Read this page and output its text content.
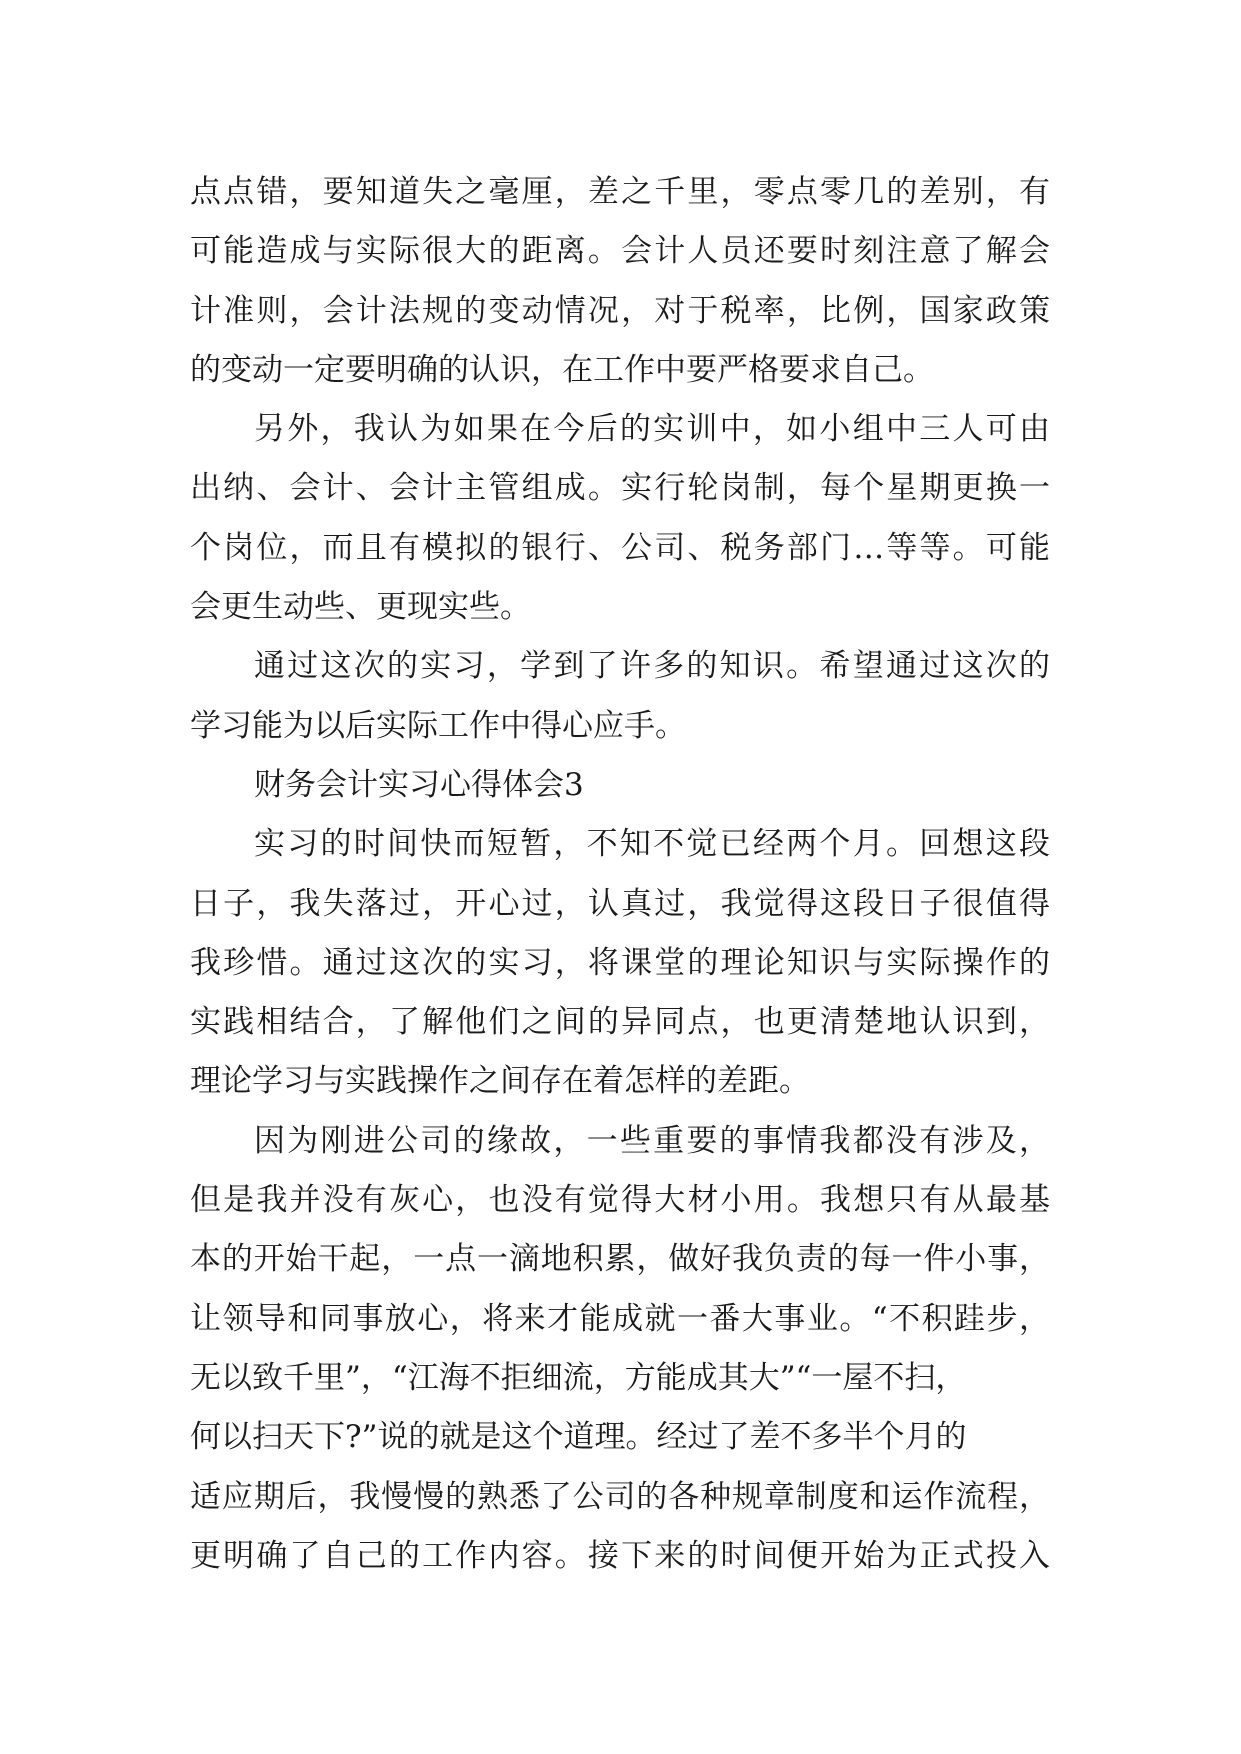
点点错，要知道失之毫厘，差之千里，零点零几的差别，有
可能造成与实际很大的距离。会计人员还要时刻注意了解会
计准则，会计法规的变动情况，对于税率，比例，国家政策
的变动一定要明确的认识，在工作中要严格要求自己。
另外，我认为如果在今后的实训中，如小组中三人可由
出纳、会计、会计主管组成。实行轮岗制，每个星期更换一
个岗位，而且有模拟的银行、公司、税务部门…等等。可能
会更生动些、更现实些。
通过这次的实习，学到了许多的知识。希望通过这次的
学习能为以后实际工作中得心应手。
财务会计实习心得体会3
实习的时间快而短暂，不知不觉已经两个月。回想这段
日子，我失落过，开心过，认真过，我觉得这段日子很值得
我珍惜。通过这次的实习，将课堂的理论知识与实际操作的
实践相结合，了解他们之间的异同点，也更清楚地认识到，
理论学习与实践操作之间存在着怎样的差距。
因为刚进公司的缘故，一些重要的事情我都没有涉及，
但是我并没有灰心，也没有觉得大材小用。我想只有从最基
本的开始干起，一点一滴地积累，做好我负责的每一件小事，
让领导和同事放心，将来才能成就一番大事业。“不积跬步，
无以致千里”，“江海不拒细流，方能成其大”“一屋不扫，
何以扫天下?”说的就是这个道理。经过了差不多半个月的
适应期后，我慢慢的熟悉了公司的各种规章制度和运作流程，
更明确了自己的工作内容。接下来的时间便开始为正式投入
